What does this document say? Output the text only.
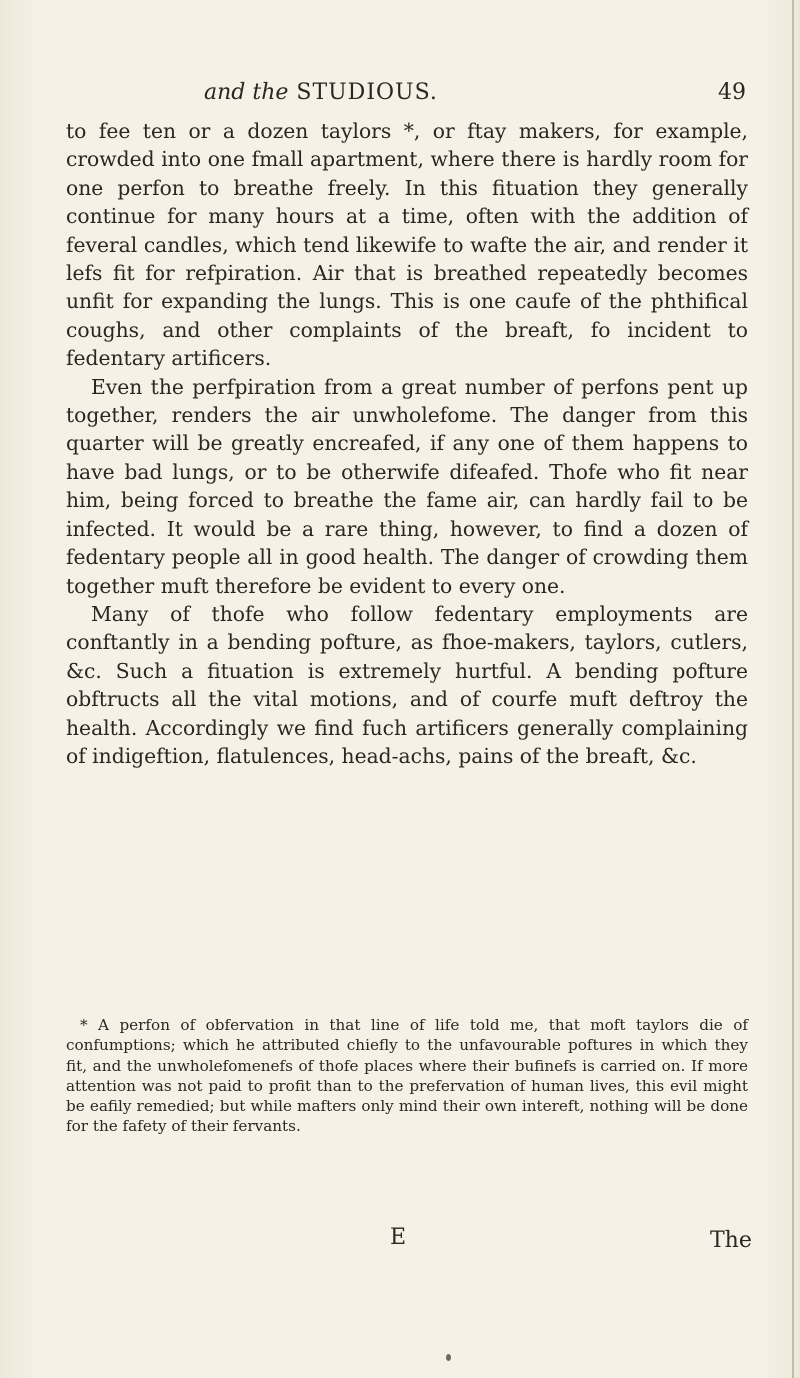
and the STUDIOUS.	49

to fee ten or a dozen taylors *, or ftay makers, for example, crowded into one fmall apartment, where there is hardly room for one perfon to breathe freely. In this fituation they generally continue for many hours at a time, often with the addition of feveral candles, which tend likewife to wafte the air, and render it lefs fit for refpiration. Air that is breathed repeatedly becomes unfit for expanding the lungs. This is one caufe of the phthifical coughs, and other complaints of the breaft, fo incident to fedentary artificers.

Even the perfpiration from a great number of perfons pent up together, renders the air unwholefome. The danger from this quarter will be greatly encreafed, if any one of them happens to have bad lungs, or to be otherwife difeafed. Thofe who fit near him, being forced to breathe the fame air, can hardly fail to be infected. It would be a rare thing, however, to find a dozen of fedentary people all in good health. The danger of crowding them together muft therefore be evident to every one.

Many of thofe who follow fedentary employments are conftantly in a bending pofture, as fhoe-makers, taylors, cutlers, &c. Such a fituation is extremely hurtful. A bending pofture obftructs all the vital motions, and of courfe muft deftroy the health. Accordingly we find fuch artificers generally complaining of indigeftion, flatulences, head-achs, pains of the breaft, &c.

* A perfon of obfervation in that line of life told me, that moft taylors die of confumptions; which he attributed chiefly to the unfavourable poftures in which they fit, and the unwholefomenefs of thofe places where their bufinefs is carried on. If more attention was not paid to profit than to the prefervation of human lives, this evil might be eafily remedied; but while mafters only mind their own intereft, nothing will be done for the fafety of their fervants.

E	The
